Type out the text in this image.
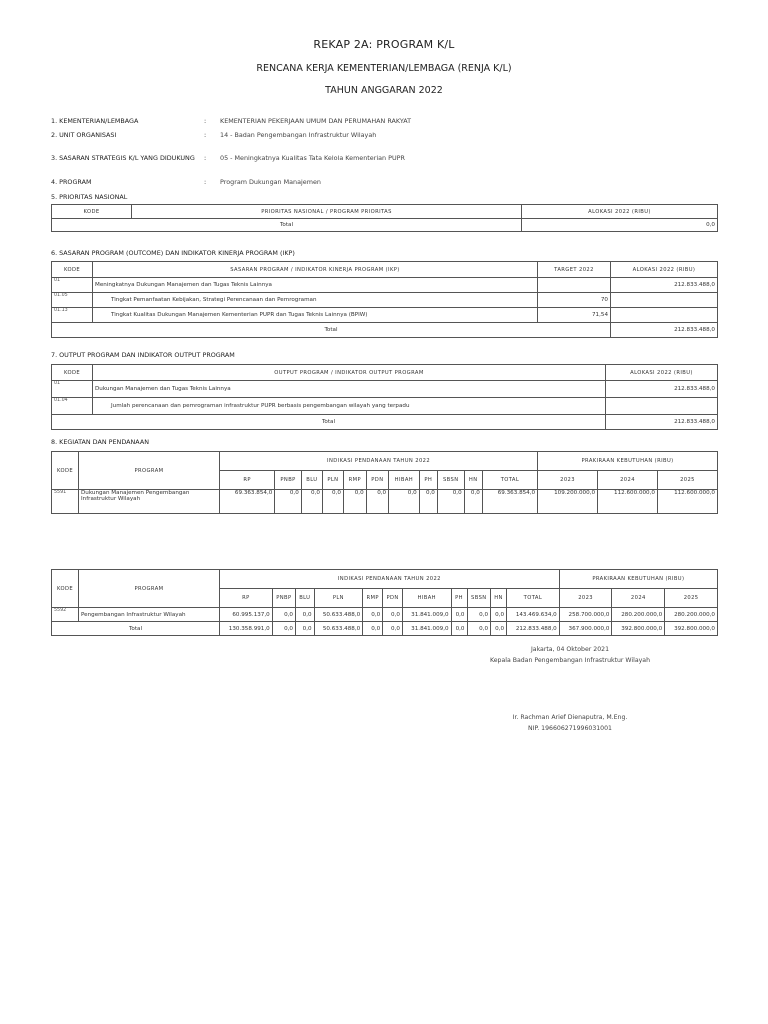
REKAP 2A: PROGRAM K/L
RENCANA KERJA KEMENTERIAN/LEMBAGA (RENJA K/L)
TAHUN ANGGARAN 2022
1. KEMENTERIAN/LEMBAGA	: KEMENTERIAN PEKERJAAN UMUM DAN PERUMAHAN RAKYAT
2. UNIT ORGANISASI	: 14 - Badan Pengembangan Infrastruktur Wilayah
3. SASARAN STRATEGIS K/L YANG DIDUKUNG : 05 - Meningkatnya Kualitas Tata Kelola Kementerian PUPR
4. PROGRAM	: Program Dukungan Manajemen
5. PRIORITAS NASIONAL
KODE	PRIORITAS NASIONAL / PROGRAM PRIORITAS	ALOKASI 2022 (RIBU)
Total		0,0
6. SASARAN PROGRAM (OUTCOME) DAN INDIKATOR KINERJA PROGRAM (IKP)
KODE	SASARAN PROGRAM / INDIKATOR KINERJA PROGRAM (IKP)	TARGET 2022	ALOKASI 2022 (RIBU)
01	Meningkatnya Dukungan Manajemen dan Tugas Teknis Lainnya		212.833.488,0
01.05	Tingkat Pemanfaatan Kebijakan, Strategi Perencanaan dan Pemrograman	70	
01.13	Tingkat Kualitas Dukungan Manajemen Kementerian PUPR dan Tugas Teknis Lainnya (BPIW)	71,54	
Total			212.833.488,0
7. OUTPUT PROGRAM DAN INDIKATOR OUTPUT PROGRAM
KODE	OUTPUT PROGRAM / INDIKATOR OUTPUT PROGRAM	ALOKASI 2022 (RIBU)
01	Dukungan Manajemen dan Tugas Teknis Lainnya	212.833.488,0
01.04	Jumlah perencanaan dan pemrograman infrastruktur PUPR berbasis pengembangan wilayah yang terpadu	
Total		212.833.488,0
8. KEGIATAN DAN PENDANAAN
KODE	PROGRAM	INDIKASI PENDANAAN TAHUN 2022											PRAKIRAAN KEBUTUHAN (RIBU)		
		RP	PNBP	BLU	PLN	RMP	PDN	HIBAH	PH	SBSN	HN	TOTAL	2023	2024	2025
5591	Dukungan Manajemen Pengembangan Infrastruktur Wilayah	69.363.854,0	0,0	0,0	0,0	0,0	0,0	0,0	0,0	0,0	0,0	69.363.854,0	109.200.000,0	112.600.000,0	112.600.000,0
KODE	PROGRAM	INDIKASI PENDANAAN TAHUN 2022											PRAKIRAAN KEBUTUHAN (RIBU)		
		RP	PNBP	BLU	PLN	RMP	PDN	HIBAH	PH	SBSN	HN	TOTAL	2023	2024	2025
5592	Pengembangan Infrastruktur Wilayah	60.995.137,0	0,0	0,0	50.633.488,0	0,0	0,0	31.841.009,0	0,0	0,0	0,0	143.469.634,0	258.700.000,0	280.200.000,0	280.200.000,0
Total		130.358.991,0	0,0	0,0	50.633.488,0	0,0	0,0	31.841.009,0	0,0	0,0	0,0	212.833.488,0	367.900.000,0	392.800.000,0	392.800.000,0
Jakarta, 04 Oktober 2021
Kepala Badan Pengembangan Infrastruktur Wilayah
Ir. Rachman Arief Dienaputra, M.Eng.
NIP. 196606271996031001
